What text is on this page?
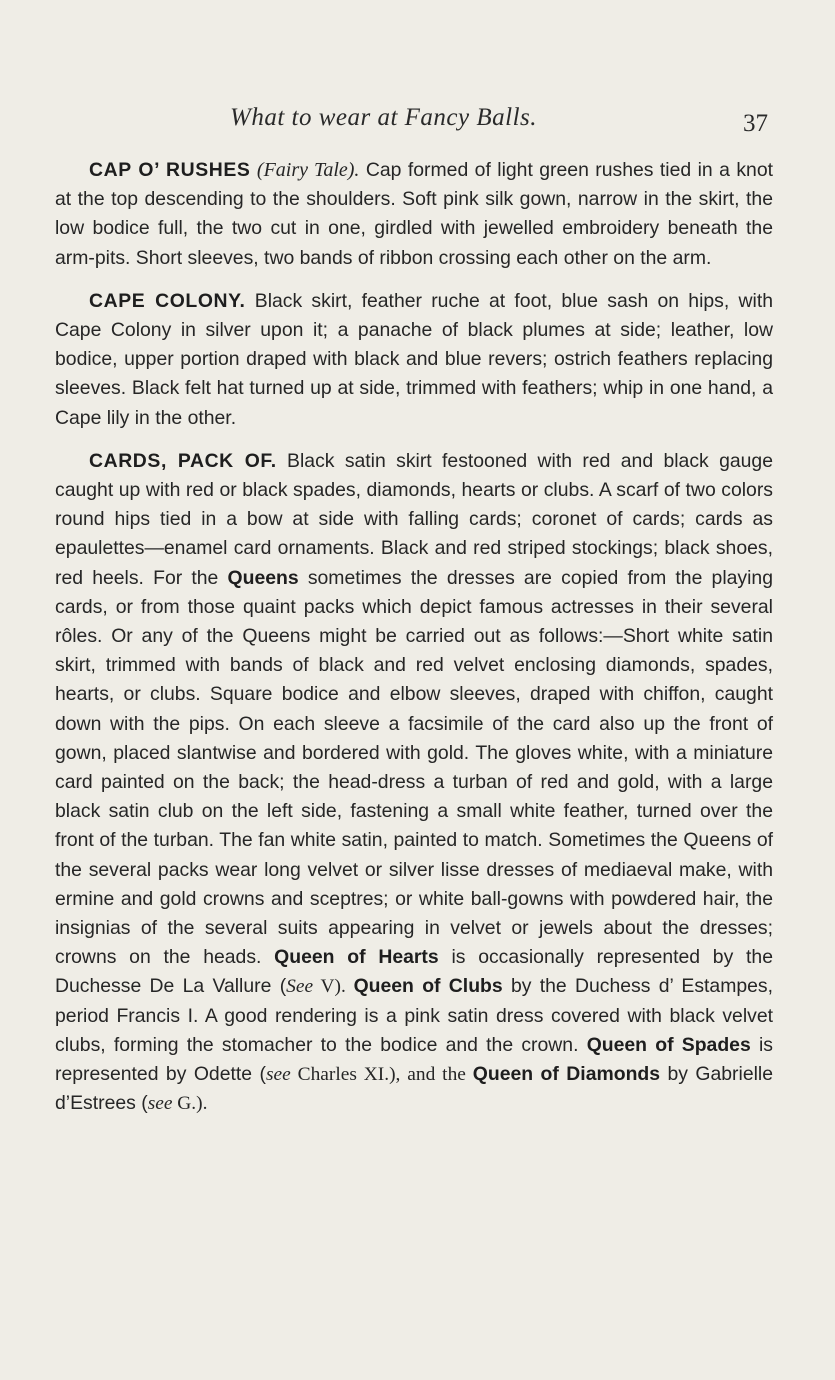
What to wear at Fancy Balls.	37

CAP O’ RUSHES (Fairy Tale). Cap formed of light green rushes tied in a knot at the top descending to the shoulders. Soft pink silk gown, narrow in the skirt, the low bodice full, the two cut in one, girdled with jewelled embroidery beneath the arm-pits. Short sleeves, two bands of ribbon crossing each other on the arm.

CAPE COLONY. Black skirt, feather ruche at foot, blue sash on hips, with Cape Colony in silver upon it; a panache of black plumes at side; leather, low bodice, upper portion draped with black and blue revers; ostrich feathers replacing sleeves. Black felt hat turned up at side, trimmed with feathers; whip in one hand, a Cape lily in the other.

CARDS, PACK OF. Black satin skirt festooned with red and black gauge caught up with red or black spades, diamonds, hearts or clubs. A scarf of two colors round hips tied in a bow at side with falling cards; coronet of cards; cards as epaulettes—enamel card ornaments. Black and red striped stockings; black shoes, red heels. For the Queens sometimes the dresses are copied from the playing cards, or from those quaint packs which depict famous actresses in their several rôles. Or any of the Queens might be carried out as follows:—Short white satin skirt, trimmed with bands of black and red velvet enclosing diamonds, spades, hearts, or clubs. Square bodice and elbow sleeves, draped with chiffon, caught down with the pips. On each sleeve a facsimile of the card also up the front of gown, placed slantwise and bordered with gold. The gloves white, with a miniature card painted on the back; the head-dress a turban of red and gold, with a large black satin club on the left side, fastening a small white feather, turned over the front of the turban. The fan white satin, painted to match. Sometimes the Queens of the several packs wear long velvet or silver lisse dresses of mediaeval make, with ermine and gold crowns and sceptres; or white ball-gowns with powdered hair, the insignias of the several suits appearing in velvet or jewels about the dresses; crowns on the heads. Queen of Hearts is occasionally represented by the Duchesse De La Vallure (See V). Queen of Clubs by the Duchess d’ Estampes, period Francis I. A good rendering is a pink satin dress covered with black velvet clubs, forming the stomacher to the bodice and the crown. Queen of Spades is represented by Odette (see Charles XI.), and the Queen of Diamonds by Gabrielle d’Estrees (see G.).
